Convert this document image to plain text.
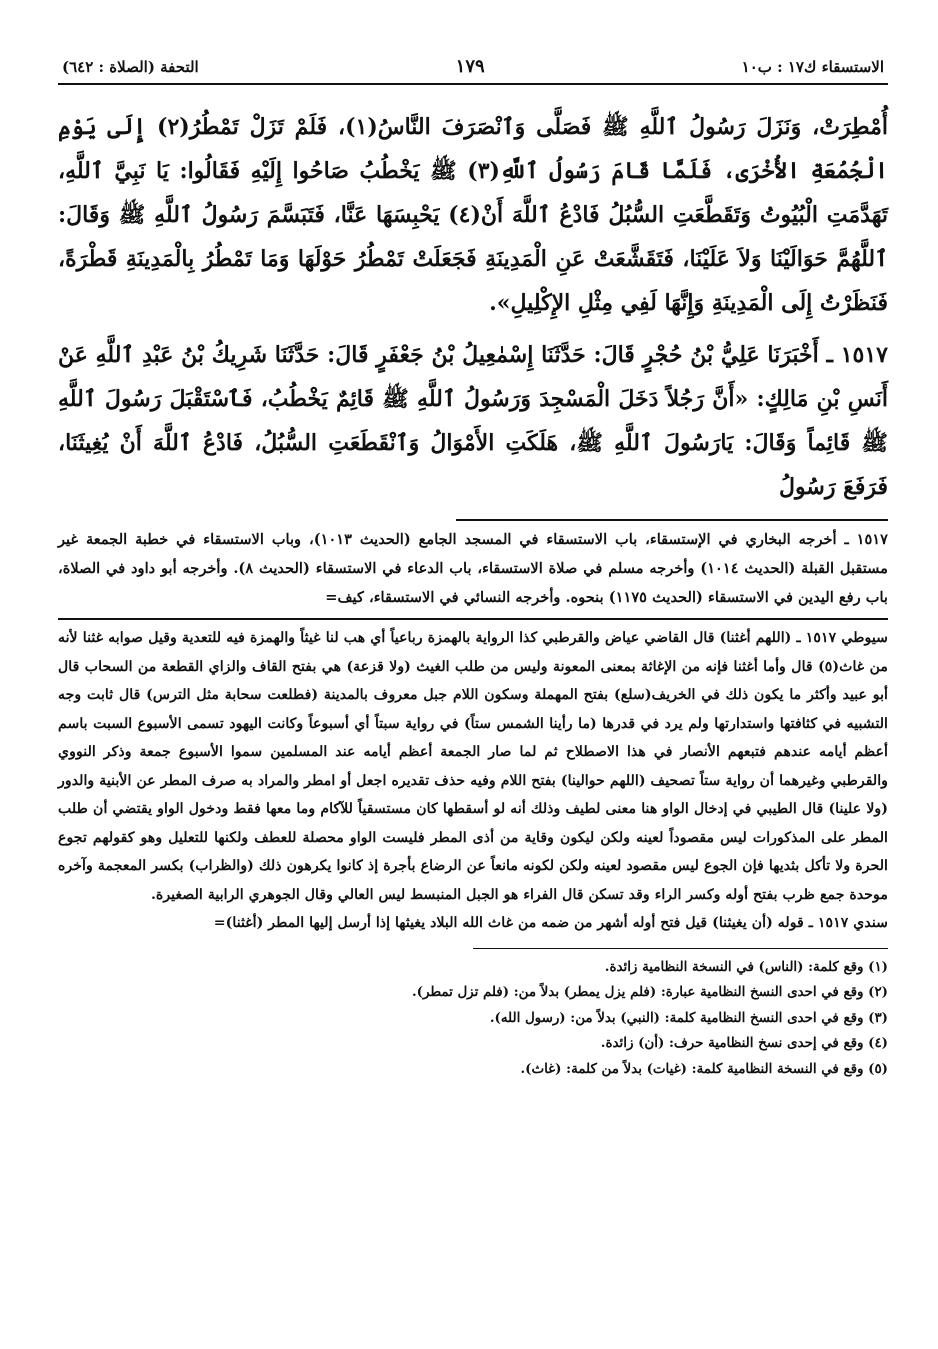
الاستسقاء ك١٧ : ب١٠
١٧٩
التحفة (الصلاة : ٦٤٢)

أُمْطِرَتْ، وَنَزَلَ رَسُولُ ٱللَّهِ ﷺ فَصَلَّى وَٱنْصَرَفَ النَّاسُ(١)، فَلَمْ تَزَلْ تَمْطُرُ(٢) إِلَى يَوْمِ الْجُمُعَةِ الأُخْرَى، فَلَمَّا قَامَ رَسُولُ ٱللَّهِ(٣) ﷺ يَخْطُبُ صَاحُوا إِلَيْهِ فَقَالُوا: يَا نَبِيَّ ٱللَّهِ، تَهَدَّمَتِ الْبُيُوتُ وَتَقَطَّعَتِ السُّبُلُ فَادْعُ ٱللَّهَ أَنْ(٤) يَحْبِسَهَا عَنَّا، فَتَبَسَّمَ رَسُولُ ٱللَّهِ ﷺ وَقَالَ: ٱللَّهُمَّ حَوَالَيْنَا وَلاَ عَلَيْنَا، فَتَقَشَّعَتْ عَنِ الْمَدِينَةِ فَجَعَلَتْ تَمْطُرُ حَوْلَهَا وَمَا تَمْطُرُ بِالْمَدِينَةِ قَطْرَةً، فَنَظَرْتُ إِلَى الْمَدِينَةِ وَإِنَّهَا لَفِي مِثْلِ الإِكْلِيلِ».

١٥١٧ ـ أَخْبَرَنَا عَلِيُّ بْنُ حُجْرٍ قَالَ: حَدَّثَنَا إِسْمٰعِيلُ بْنُ جَعْفَرٍ قَالَ: حَدَّثَنَا شَرِيكُ بْنُ عَبْدِ ٱللَّهِ عَنْ أَنَسِ بْنِ مَالِكٍ: «أَنَّ رَجُلاً دَخَلَ الْمَسْجِدَ وَرَسُولُ ٱللَّهِ ﷺ قَائِمٌ يَخْطُبُ، فَٱسْتَقْبَلَ رَسُولَ ٱللَّهِ ﷺ قَائِماً وَقَالَ: يَارَسُولَ ٱللَّهِ ﷺ، هَلَكَتِ الأَمْوَالُ وَٱنْقَطَعَتِ السُّبُلُ، فَادْعُ ٱللَّهَ أَنْ يُغِيثَنَا، فَرَفَعَ رَسُولُ

١٥١٧ ـ أخرجه البخاري في الإستسقاء، باب الاستسقاء في المسجد الجامع (الحديث ١٠١٣)، وباب الاستسقاء في خطبة الجمعة غير مستقبل القبلة (الحديث ١٠١٤) وأخرجه مسلم في صلاة الاستسقاء، باب الدعاء في الاستسقاء (الحديث ٨). وأخرجه أبو داود في الصلاة، باب رفع اليدين في الاستسقاء (الحديث ١١٧٥) بنحوه. وأخرجه النسائي في الاستسقاء، كيف=

سيوطي ١٥١٧ ـ (اللهم أغثنا) قال القاضي عياض والقرطبي كذا الرواية بالهمزة رباعياً أي هب لنا غيثاً والهمزة فيه للتعدية وقيل صوابه غثنا لأنه من غاث(٥) قال وأما أغثنا فإنه من الإغاثة بمعنى المعونة وليس من طلب الغيث (ولا قزعة) هي بفتح القاف والزاي القطعة من السحاب قال أبو عبيد وأكثر ما يكون ذلك في الخريف(سلع) بفتح المهملة وسكون اللام جبل معروف بالمدينة (فطلعت سحابة مثل الترس) قال ثابت وجه التشبيه في كثافتها واستدارتها ولم يرد في قدرها (ما رأينا الشمس ستاً) في رواية سبتاً أي أسبوعاً وكانت اليهود تسمى الأسبوع السبت باسم أعظم أيامه عندهم فتبعهم الأنصار في هذا الاصطلاح ثم لما صار الجمعة أعظم أيامه عند المسلمين سموا الأسبوع جمعة وذكر النووي والقرطبي وغيرهما أن رواية ستاً تصحيف (اللهم حوالينا) بفتح اللام وفيه حذف تقديره اجعل أو امطر والمراد به صرف المطر عن الأبنية والدور (ولا علينا) قال الطيبي في إدخال الواو هنا معنى لطيف وذلك أنه لو أسقطها كان مستسقياً للآكام وما معها فقط ودخول الواو يقتضي أن طلب المطر على المذكورات ليس مقصوداً لعينه ولكن ليكون وقاية من أذى المطر فليست الواو محصلة للعطف ولكنها للتعليل وهو كقولهم تجوع الحرة ولا تأكل بثديها فإن الجوع ليس مقصود لعينه ولكن لكونه مانعاً عن الرضاع بأجرة إذ كانوا يكرهون ذلك (والظراب) بكسر المعجمة وآخره موحدة جمع ظرب بفتح أوله وكسر الراء وقد تسكن قال الفراء هو الجبل المنبسط ليس العالي وقال الجوهري الرابية الصغيرة.

سندي ١٥١٧ ـ قوله (أن يغيثنا) قيل فتح أوله أشهر من ضمه من غاث الله البلاد يغيثها إذا أرسل إليها المطر (أغثنا)=

(١) وقع كلمة: (الناس) في النسخة النظامية زائدة.

(٢) وقع في احدى النسخ النظامية عبارة: (فلم يزل يمطر) بدلاً من: (فلم تزل تمطر).

(٣) وقع في احدى النسخ النظامية كلمة: (النبي) بدلاً من: (رسول الله).

(٤) وقع في إحدى نسخ النظامية حرف: (أن) زائدة.

(٥) وقع في النسخة النظامية كلمة: (غيات) بدلاً من كلمة: (غاث).
